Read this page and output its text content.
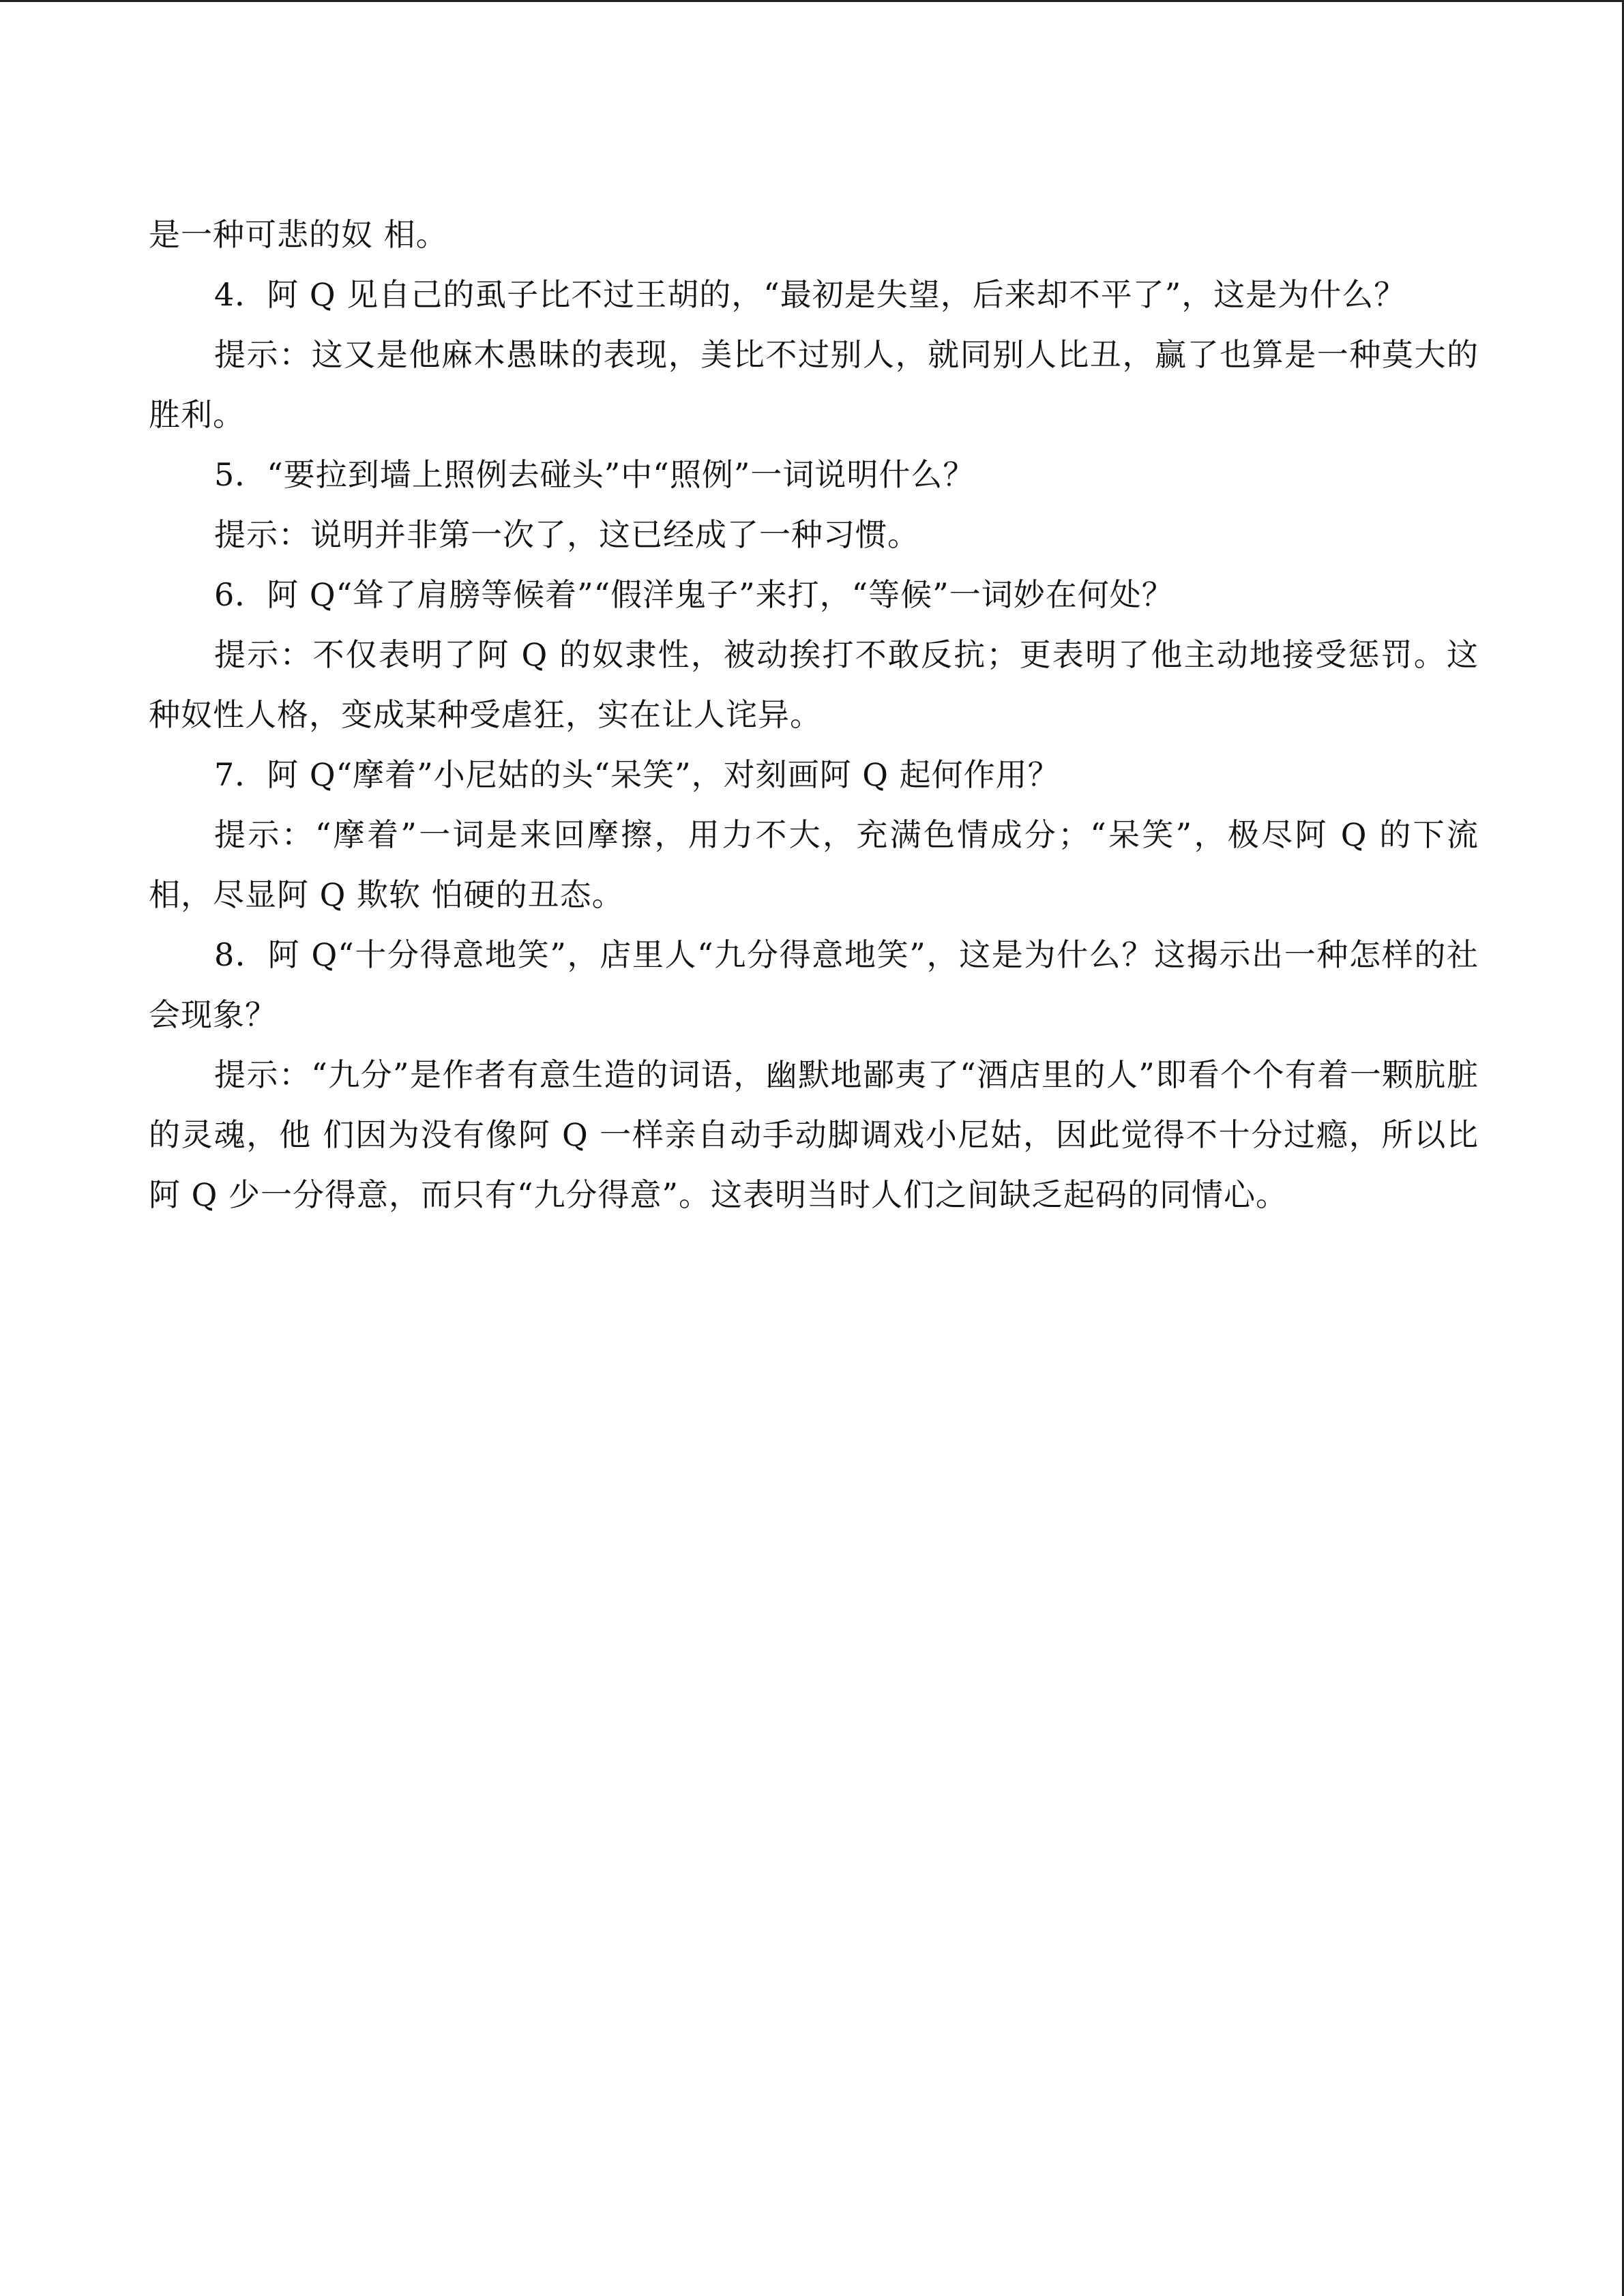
是一种可悲的奴 相。

4．阿 Q 见自己的虱子比不过王胡的，“最初是失望，后来却不平了”，这是为什么？

提示：这又是他麻木愚昧的表现，美比不过别人，就同别人比丑，赢了也算是一种莫大的胜利。

5．“要拉到墙上照例去碰头”中“照例”一词说明什么？

提示：说明并非第一次了，这已经成了一种习惯。

6．阿 Q“耸了肩膀等候着”“假洋鬼子”来打，“等候”一词妙在何处？

提示：不仅表明了阿 Q 的奴隶性，被动挨打不敢反抗；更表明了他主动地接受惩罚。这种奴性人格，变成某种受虐狂，实在让人诧异。

7．阿 Q“摩着”小尼姑的头“呆笑”，对刻画阿 Q 起何作用？

提示：“摩着”一词是来回摩擦，用力不大，充满色情成分；“呆笑”，极尽阿 Q 的下流相，尽显阿 Q 欺软 怕硬的丑态。

8．阿 Q“十分得意地笑”，店里人“九分得意地笑”，这是为什么？这揭示出一种怎样的社会现象？

提示：“九分”是作者有意生造的词语，幽默地鄙夷了“酒店里的人”即看个个有着一颗肮脏的灵魂，他 们因为没有像阿 Q 一样亲自动手动脚调戏小尼姑，因此觉得不十分过瘾，所以比阿 Q 少一分得意，而只有“九分得意”。这表明当时人们之间缺乏起码的同情心。
